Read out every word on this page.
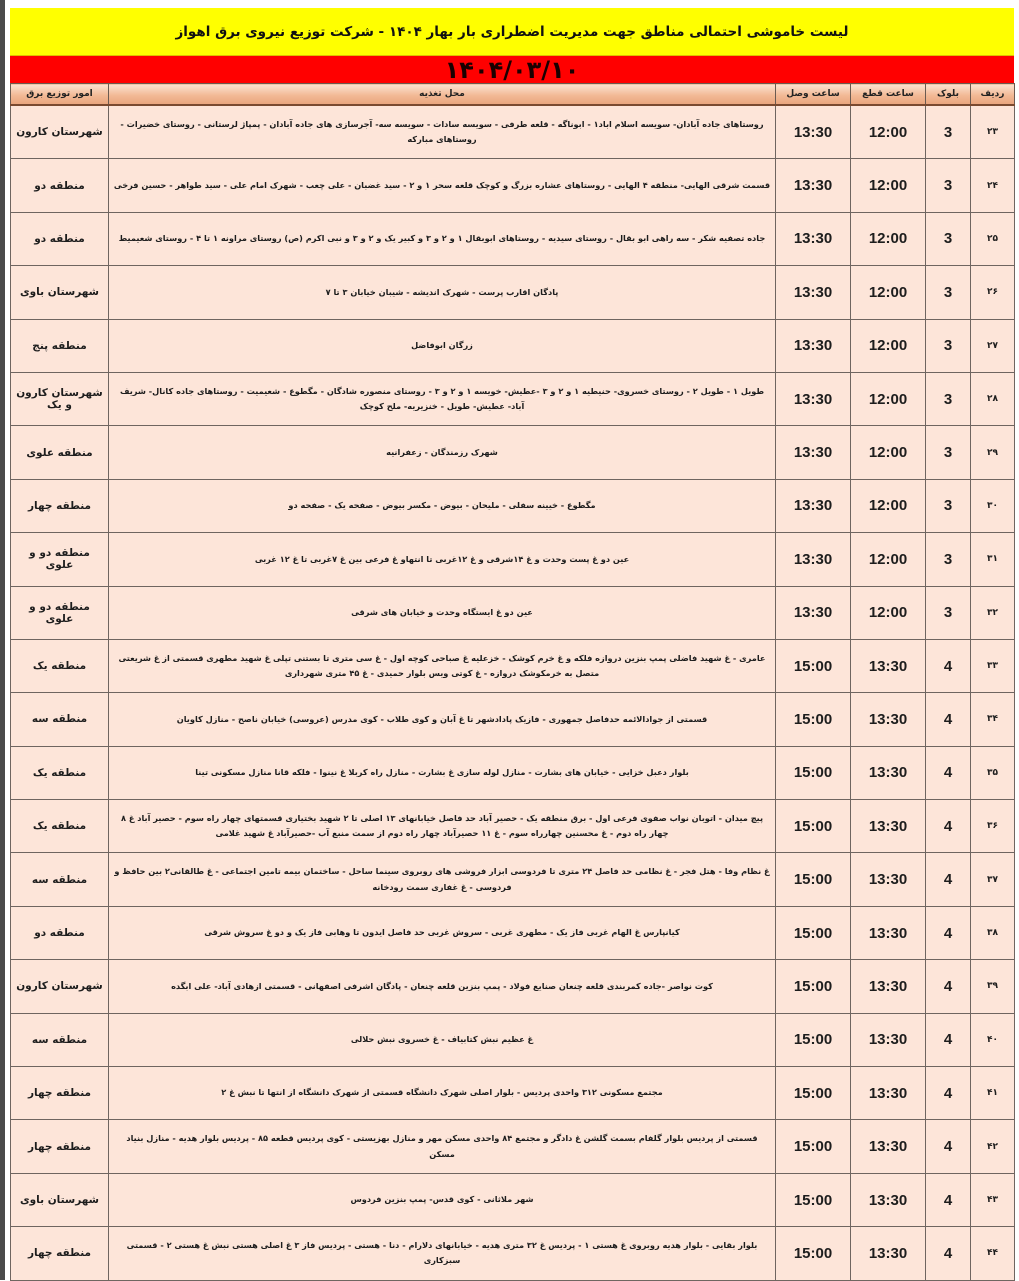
لیست خاموشی احتمالی مناطق جهت مدیریت اضطراری بار بهار ۱۴۰۴ - شرکت توزیع نیروی برق اهواز
۱۴۰۴/۰۳/۱۰
ردیف	بلوک	ساعت قطع	ساعت وصل	محل تغذیه	امور توزیع برق
۲۳	3	12:00	13:30	روستاهای جاده آبادان- سویسه اسلام اباد۱ - ابوناگه - قلعه طرفی - سویسه سادات - سویسه سه- آجرسازی های جاده آبادان - پمپاژ لرستانی - روستای خضیرات - روستاهای مبارکه	شهرستان کارون
۲۴	3	12:00	13:30	قسمت شرقی الهایی- منطقه ۴ الهایی - روستاهای عشاره بزرگ و کوچک قلعه سحر ۱ و ۲ - سید غضبان - علی چعب - شهرک امام علی - سید طواهر - حسین فرخی	منطقه دو
۲۵	3	12:00	13:30	جاده تصفیه شکر - سه راهی ابو بقال - روستای سیدیه - روستاهای ابوبقال ۱ و ۲ و ۳ و کبیر یک و ۲ و ۳ و نبی اکرم (ص) روستای مراونه ۱ تا ۴ - روستای شعیمیط	منطقه دو
۲۶	3	12:00	13:30	پادگان اقارب پرست - شهرک اندیشه - شیبان خیابان ۳ تا ۷	شهرستان باوی
۲۷	3	12:00	13:30	زرگان ابوفاضل	منطقه پنج
۲۸	3	12:00	13:30	طویل ۱ - طویل ۲ - روستای خسروی- حنیطیه ۱ و ۲ و ۳ -عطیش- خویسه ۱ و ۲ و ۳ - روستای منصوره شادگان - مگطوع - شعیمیت - روستاهای جاده کانال- شریف آباد- عطیش- طویل - خنزیریه- ملح کوچک	شهرستان کارون و یک
۲۹	3	12:00	13:30	شهرک رزمندگان - زعفرانیه	منطقه علوی
۳۰	3	12:00	13:30	مگطوع - خیینه سفلی - ملیحان - بیوض - مکسر بیوض - صفحه یک - صفحه دو	منطقه چهار
۳۱	3	12:00	13:30	عین دو غ پست وحدت و غ ۱۴شرقی و غ ۱۲غربی تا انتهاو غ فرعی بین غ ۷غربی تا غ ۱۲ غربی	منطقه دو و علوی
۳۲	3	12:00	13:30	عین دو غ ایستگاه وحدت و خیابان های شرقی	منطقه دو و علوی
۳۳	4	13:30	15:00	عامری - غ شهید فاضلی پمپ بنزین دروازه فلکه و غ خرم کوشک - خزعلیه غ صباحی کوچه اول - غ سی متری تا بستنی تپلی غ شهید مطهری قسمتی از غ شریعتی متصل به خرمکوشک دروازه - غ کوتی ویس بلوار حمیدی - غ ۴۵ متری شهرداری	منطقه یک
۳۴	4	13:30	15:00	قسمتی از جوادالائمه حدفاصل جمهوری - فازیک پادادشهر تا غ آبان و کوی طلاب - کوی مدرس (عروسی) خیابان ناصح - منازل کاویان	منطقه سه
۳۵	4	13:30	15:00	بلوار دعبل خزایی - خیابان های بشارت - منازل لوله سازی غ بشارت - منازل راه کربلا غ نینوا - فلکه قانا منازل مسکونی تینا	منطقه یک
۳۶	4	13:30	15:00	پیچ میدان - اتوبان نواب صفوی فرعی اول - برق منطقه یک - حصیر آباد حد فاصل خیابانهای ۱۳ اصلی تا ۲ شهید بختیاری قسمتهای چهار راه سوم - حصیر آباد غ ۸ چهار راه دوم - غ محسنین چهارراه سوم - غ ۱۱ حصیرآباد چهار راه دوم از سمت منبع آب -حصیرآباد غ شهید غلامی	منطقه یک
۳۷	4	13:30	15:00	غ نظام وفا - هتل فجر - غ نظامی حد فاصل ۲۴ متری تا فردوسی ابزار فروشی های روبروی سینما ساحل - ساختمان بیمه تامین اجتماعی - غ طالقانی۲ بین حافظ و فردوسی - غ غفاری سمت رودخانه	منطقه سه
۳۸	4	13:30	15:00	کیانپارس غ الهام غربی فاز یک - مطهری غربی - سروش غربی حد فاصل ایدون تا وهابی فاز یک و دو غ سروش شرقی	منطقه دو
۳۹	4	13:30	15:00	کوت نواصر -جاده کمربندی قلعه چنعان صنایع فولاد - پمپ بنزین قلعه چنعان - پادگان اشرفی اصفهانی - قسمتی ازهادی آباد- علی ابگده	شهرستان کارون
۴۰	4	13:30	15:00	غ عظیم نبش کتابیاف - غ خسروی نبش حلالی	منطقه سه
۴۱	4	13:30	15:00	مجتمع مسکونی ۳۱۲ واحدی پردیس - بلوار اصلی شهرک دانشگاه قسمتی از شهرک دانشگاه از انتها تا نبش غ ۲	منطقه چهار
۴۲	4	13:30	15:00	قسمتی از پردیس بلوار گلفام بسمت گلشن غ دادگر و مجتمع ۸۴ واحدی مسکن مهر و منازل بهزیستی - کوی پردیس قطعه ۸۵ - پردیس بلوار هدیه - منازل بنیاد مسکن	منطقه چهار
۴۳	4	13:30	15:00	شهر ملاثانی - کوی قدس- پمپ بنزین فردوس	شهرستان باوی
۴۴	4	13:30	15:00	بلوار بقایی - بلوار هدیه روبروی غ هستی ۱ - پردیس غ ۳۲ متری هدیه - خیابانهای دلارام - دنا - هستی - پردیس فاز ۳ غ اصلی هستی نبش غ هستی ۲ - قسمتی سبزکاری	منطقه چهار
